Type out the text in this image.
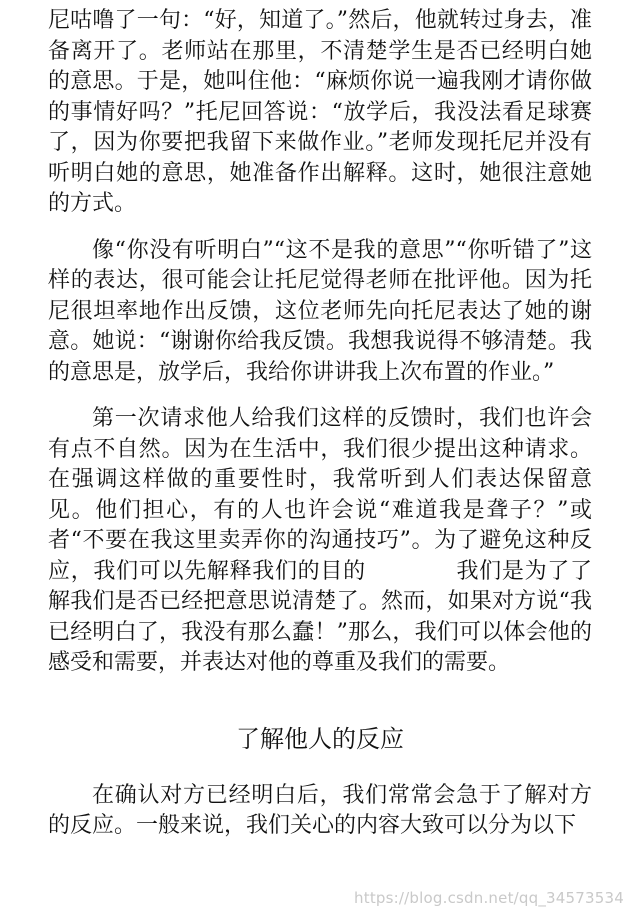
尼咕噜了一句：“好，知道了。”然后，他就转过身去，准备离开了。老师站在那里，不清楚学生是否已经明白她的意思。于是，她叫住他：“麻烦你说一遍我刚才请你做的事情好吗？”托尼回答说：“放学后，我没法看足球赛了，因为你要把我留下来做作业。”老师发现托尼并没有听明白她的意思，她准备作出解释。这时，她很注意她的方式。

像“你没有听明白”“这不是我的意思”“你听错了”这样的表达，很可能会让托尼觉得老师在批评他。因为托尼很坦率地作出反馈，这位老师先向托尼表达了她的谢意。她说：“谢谢你给我反馈。我想我说得不够清楚。我的意思是，放学后，我给你讲讲我上次布置的作业。”

第一次请求他人给我们这样的反馈时，我们也许会有点不自然。因为在生活中，我们很少提出这种请求。在强调这样做的重要性时，我常听到人们表达保留意见。他们担心，有的人也许会说“难道我是聋子？”或者“不要在我这里卖弄你的沟通技巧”。为了避免这种反应，我们可以先解释我们的目的	我们是为了了解我们是否已经把意思说清楚了。然而，如果对方说“我已经明白了，我没有那么蠢！”那么，我们可以体会他的感受和需要，并表达对他的尊重及我们的需要。

了解他人的反应

在确认对方已经明白后，我们常常会急于了解对方的反应。一般来说，我们关心的内容大致可以分为以下

https://blog.csdn.net/qq_34573534
